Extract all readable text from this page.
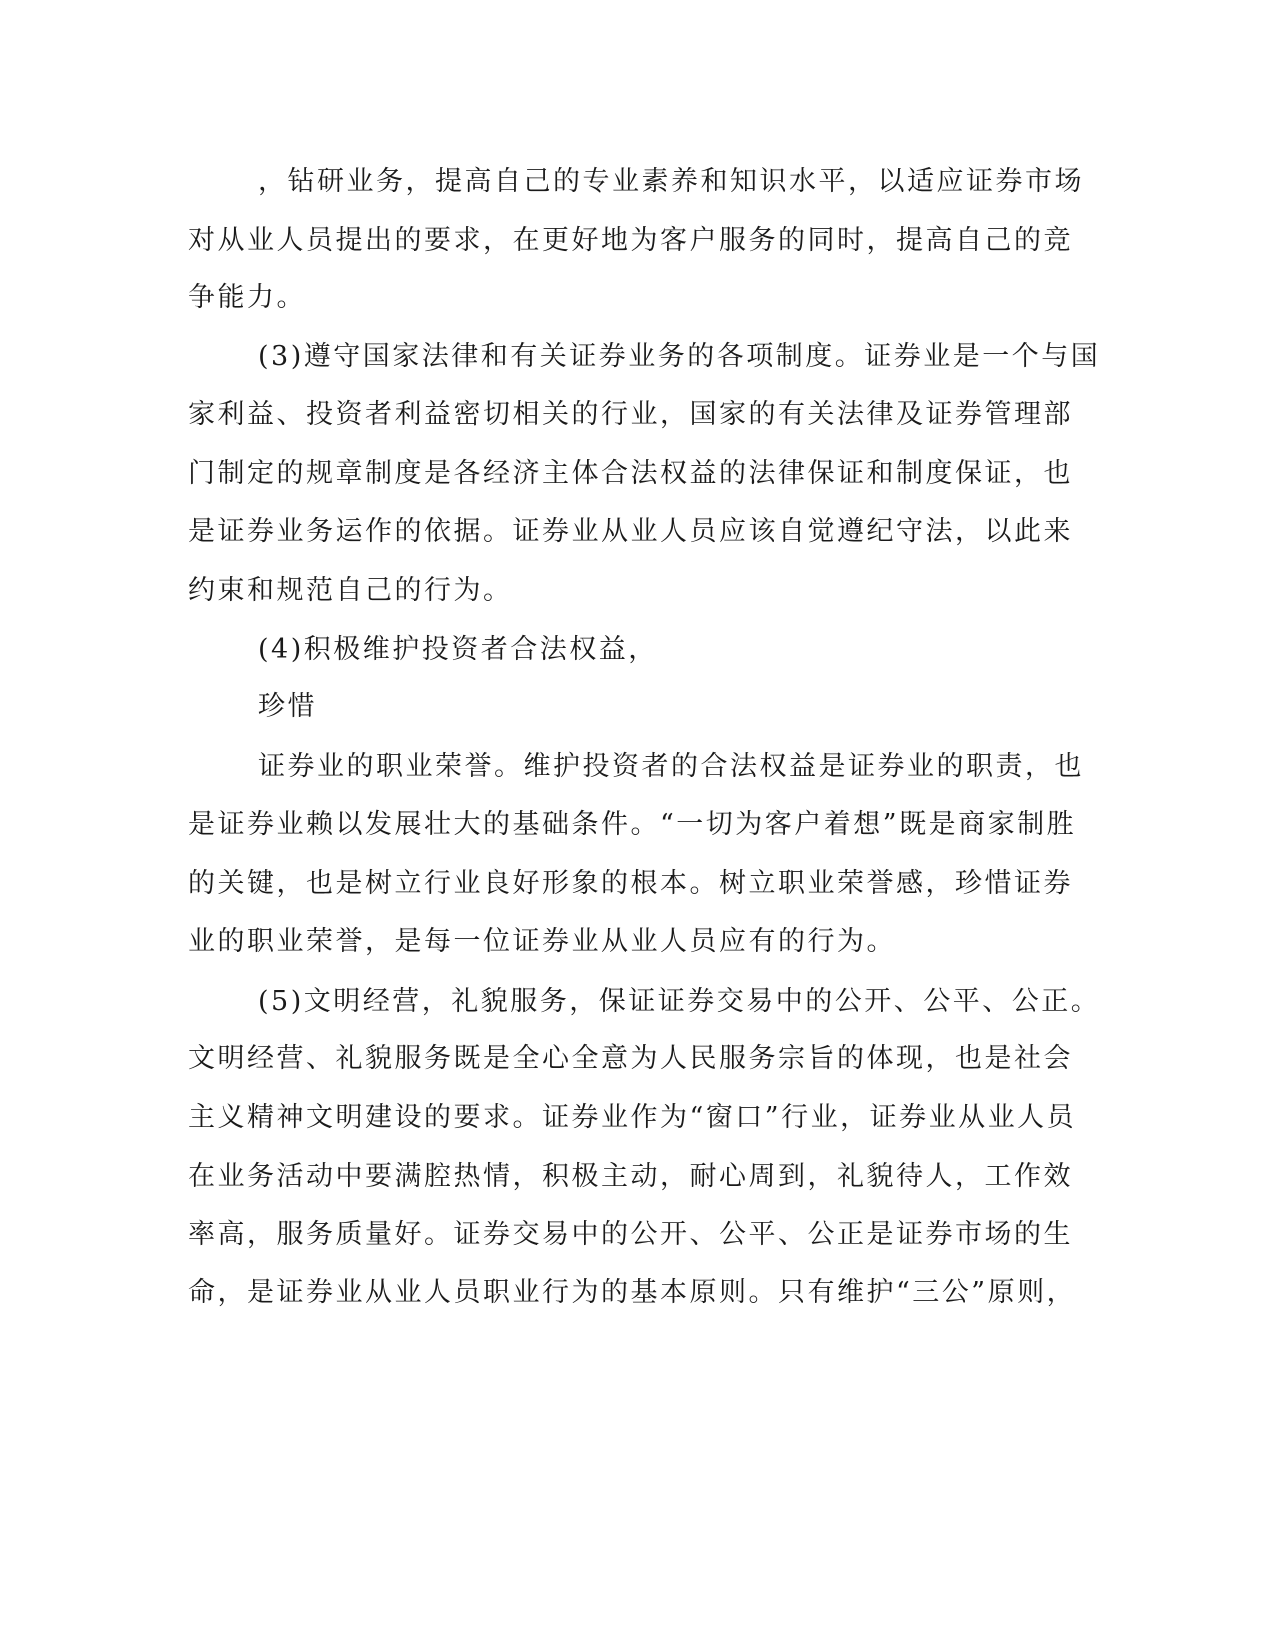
，钻研业务，提高自己的专业素养和知识水平，以适应证券市场
对从业人员提出的要求，在更好地为客户服务的同时，提高自己的竞
争能力。
(3)遵守国家法律和有关证券业务的各项制度。证券业是一个与国
家利益、投资者利益密切相关的行业，国家的有关法律及证券管理部
门制定的规章制度是各经济主体合法权益的法律保证和制度保证，也
是证券业务运作的依据。证券业从业人员应该自觉遵纪守法，以此来
约束和规范自己的行为。
(4)积极维护投资者合法权益，
珍惜
证券业的职业荣誉。维护投资者的合法权益是证券业的职责，也
是证券业赖以发展壮大的基础条件。“一切为客户着想”既是商家制胜
的关键，也是树立行业良好形象的根本。树立职业荣誉感，珍惜证券
业的职业荣誉，是每一位证券业从业人员应有的行为。
(5)文明经营，礼貌服务，保证证券交易中的公开、公平、公正。
文明经营、礼貌服务既是全心全意为人民服务宗旨的体现，也是社会
主义精神文明建设的要求。证券业作为“窗口”行业，证券业从业人员
在业务活动中要满腔热情，积极主动，耐心周到，礼貌待人，工作效
率高，服务质量好。证券交易中的公开、公平、公正是证券市场的生
命，是证券业从业人员职业行为的基本原则。只有维护“三公”原则，
